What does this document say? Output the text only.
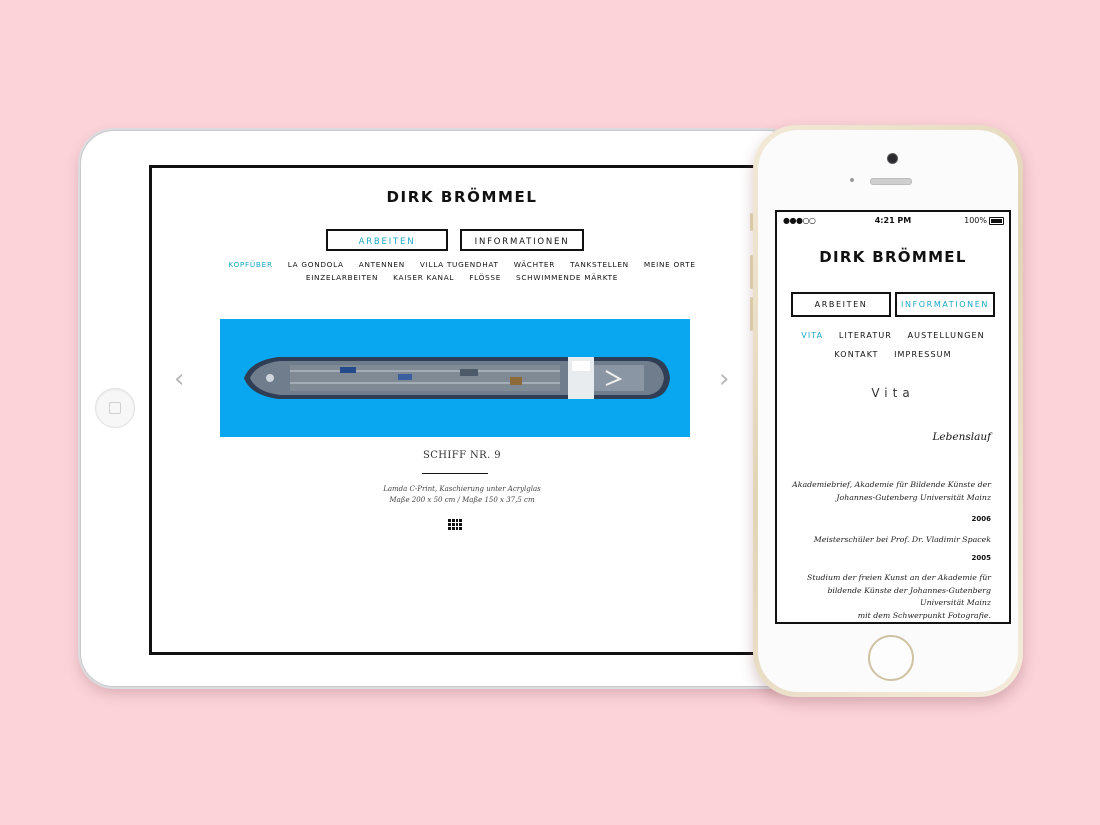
DIRK BRÖMMEL
ARBEITEN	INFORMATIONEN
KOPFÜBER LA GONDOLA ANTENNEN VILLA TUGENDHAT WÄCHTER TANKSTELLEN MEINE ORTE
EINZELARBEITEN KAISER KANAL FLÖSSE SCHWIMMENDE MÄRKTE
‹	›
SCHIFF NR. 9
Lamda C-Print, Kaschierung unter Acrylglas
Maße 200 x 50 cm / Maße 150 x 37,5 cm
●●●○○	4:21 PM	100%
DIRK BRÖMMEL
ARBEITEN	INFORMATIONEN
VITA LITERATUR AUSTELLUNGEN
KONTAKT IMPRESSUM
Vita
Lebenslauf
Akademiebrief, Akademie für Bildende Künste der
Johannes-Gutenberg Universität Mainz
2006
Meisterschüler bei Prof. Dr. Vladimir Spacek
2005
Studium der freien Kunst an der Akademie für
bildende Künste der Johannes-Gutenberg
Universität Mainz
mit dem Schwerpunkt Fotografie.
